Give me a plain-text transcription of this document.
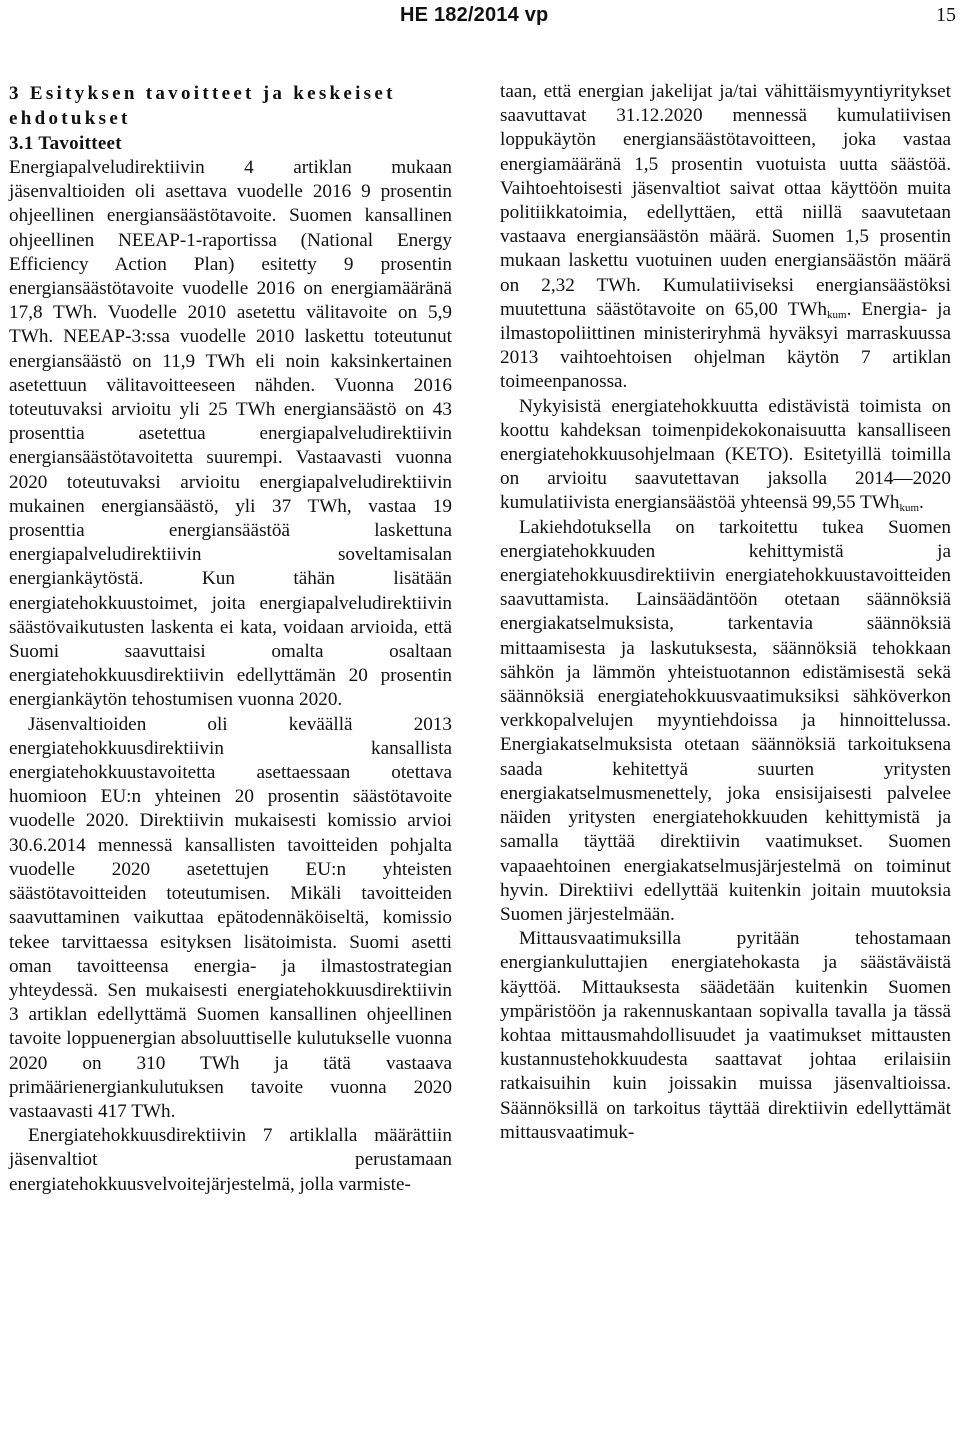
HE 182/2014 vp	15

3 Esityksen tavoitteet ja keskeiset ehdotukset

3.1 Tavoitteet

Energiapalveludirektiivin 4 artiklan mukaan jäsenvaltioiden oli asettava vuodelle 2016 9 prosentin ohjeellinen energiansäästötavoite. Suomen kansallinen ohjeellinen NEEAP-1-raportissa (National Energy Efficiency Action Plan) esitetty 9 prosentin energiansäästötavoite vuodelle 2016 on energiamääränä 17,8 TWh. Vuodelle 2010 asetettu välitavoite on 5,9 TWh. NEEAP-3:ssa vuodelle 2010 laskettu toteutunut energiansäästö on 11,9 TWh eli noin kaksinkertainen asetettuun välitavoitteeseen nähden. Vuonna 2016 toteutuvaksi arvioitu yli 25 TWh energiansäästö on 43 prosenttia asetettua energiapalveludirektiivin energiansäästötavoitetta suurempi. Vastaavasti vuonna 2020 toteutuvaksi arvioitu energiapalveludirektiivin mukainen energiansäästö, yli 37 TWh, vastaa 19 prosenttia energiansäästöä laskettuna energiapalveludirektiivin soveltamisalan energiankäytöstä. Kun tähän lisätään energiatehokkuustoimet, joita energiapalveludirektiivin säästövaikutusten laskenta ei kata, voidaan arvioida, että Suomi saavuttaisi omalta osaltaan energiatehokkuusdirektiivin edellyttämän 20 prosentin energiankäytön tehostumisen vuonna 2020.

Jäsenvaltioiden oli keväällä 2013 energiatehokkuusdirektiivin kansallista energiatehokkuustavoitetta asettaessaan otettava huomioon EU:n yhteinen 20 prosentin säästötavoite vuodelle 2020. Direktiivin mukaisesti komissio arvioi 30.6.2014 mennessä kansallisten tavoitteiden pohjalta vuodelle 2020 asetettujen EU:n yhteisten säästötavoitteiden toteutumisen. Mikäli tavoitteiden saavuttaminen vaikuttaa epätodennäköiseltä, komissio tekee tarvittaessa esityksen lisätoimista. Suomi asetti oman tavoitteensa energia- ja ilmastostrategian yhteydessä. Sen mukaisesti energiatehokkuusdirektiivin 3 artiklan edellyttämä Suomen kansallinen ohjeellinen tavoite loppuenergian absoluuttiselle kulutukselle vuonna 2020 on 310 TWh ja tätä vastaava primäärienergiankulutuksen tavoite vuonna 2020 vastaavasti 417 TWh.

Energiatehokkuusdirektiivin 7 artiklalla määrättiin jäsenvaltiot perustamaan energiatehokkuusvelvoitejärjestelmä, jolla varmiste-

taan, että energian jakelijat ja/tai vähittäismyyntiyritykset saavuttavat 31.12.2020 mennessä kumulatiivisen loppukäytön energiansäästötavoitteen, joka vastaa energiamääränä 1,5 prosentin vuotuista uutta säästöä. Vaihtoehtoisesti jäsenvaltiot saivat ottaa käyttöön muita politiikkatoimia, edellyttäen, että niillä saavutetaan vastaava energiansäästön määrä. Suomen 1,5 prosentin mukaan laskettu vuotuinen uuden energiansäästön määrä on 2,32 TWh. Kumulatiiviseksi energiansäästöksi muutettuna säästötavoite on 65,00 TWh$_{kum}$. Energia- ja ilmastopoliittinen ministeriryhmä hyväksyi marraskuussa 2013 vaihtoehtoisen ohjelman käytön 7 artiklan toimeenpanossa.

Nykyisistä energiatehokkuutta edistävistä toimista on koottu kahdeksan toimenpidekokonaisuutta kansalliseen energiatehokkuusohjelmaan (KETO). Esitetyillä toimilla on arvioitu saavutettavan jaksolla 2014—2020 kumulatiivista energiansäästöä yhteensä 99,55 TWh$_{kum}$.

Lakiehdotuksella on tarkoitettu tukea Suomen energiatehokkuuden kehittymistä ja energiatehokkuusdirektiivin energiatehokkuustavoitteiden saavuttamista. Lainsäädäntöön otetaan säännöksiä energiakatselmuksista, tarkentavia säännöksiä mittaamisesta ja laskutuksesta, säännöksiä tehokkaan sähkön ja lämmön yhteistuotannon edistämisestä sekä säännöksiä energiatehokkuusvaatimuksiksi sähköverkon verkkopalvelujen myyntiehdoissa ja hinnoittelussa. Energiakatselmuksista otetaan säännöksiä tarkoituksena saada kehitettyä suurten yritysten energiakatselmusmenettely, joka ensisijaisesti palvelee näiden yritysten energiatehokkuuden kehittymistä ja samalla täyttää direktiivin vaatimukset. Suomen vapaaehtoinen energiakatselmusjärjestelmä on toiminut hyvin. Direktiivi edellyttää kuitenkin joitain muutoksia Suomen järjestelmään.

Mittausvaatimuksilla pyritään tehostamaan energiankuluttajien energiatehokasta ja säästäväistä käyttöä. Mittauksesta säädetään kuitenkin Suomen ympäristöön ja rakennuskantaan sopivalla tavalla ja tässä kohtaa mittausmahdollisuudet ja vaatimukset mittausten kustannustehokkuudesta saattavat johtaa erilaisiin ratkaisuihin kuin joissakin muissa jäsenvaltioissa. Säännöksillä on tarkoitus täyttää direktiivin edellyttämät mittausvaatimuk-
